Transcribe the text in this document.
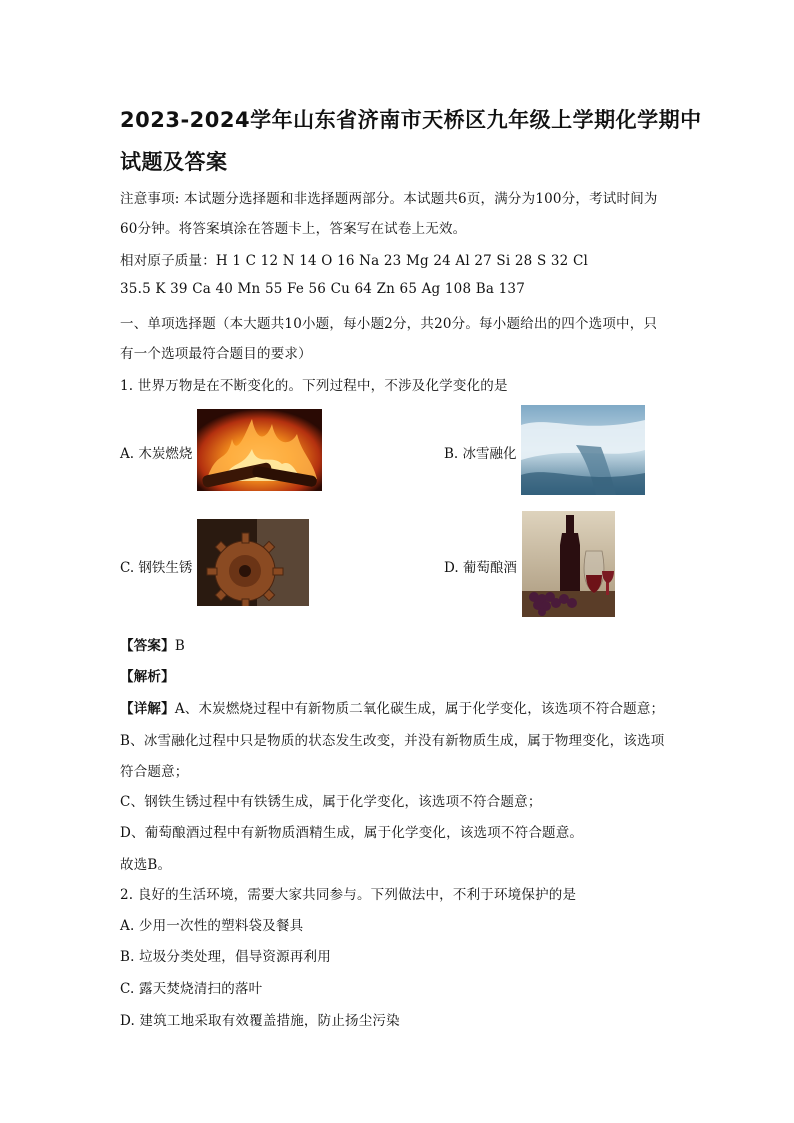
2023-2024学年山东省济南市天桥区九年级上学期化学期中
试题及答案
注意事项: 本试题分选择题和非选择题两部分。本试题共6页，满分为100分，考试时间为
60分钟。将答案填涂在答题卡上，答案写在试卷上无效。
相对原子质量：H 1 C 12 N 14 O 16 Na 23 Mg 24 Al 27 Si 28 S 32 Cl
35.5 K 39 Ca 40 Mn 55 Fe 56 Cu 64 Zn 65 Ag 108 Ba 137
一、单项选择题（本大题共10小题，每小题2分，共20分。每小题给出的四个选项中，只
有一个选项最符合题目的要求）
1. 世界万物是在不断变化的。下列过程中，不涉及化学变化的是
A. 木炭燃烧	B. 冰雪融化
C. 钢铁生锈	D. 葡萄酿酒
【答案】B
【解析】
【详解】A、木炭燃烧过程中有新物质二氧化碳生成，属于化学变化，该选项不符合题意；
B、冰雪融化过程中只是物质的状态发生改变，并没有新物质生成，属于物理变化，该选项
符合题意；
C、钢铁生锈过程中有铁锈生成，属于化学变化，该选项不符合题意；
D、葡萄酿酒过程中有新物质酒精生成，属于化学变化，该选项不符合题意。
故选B。
2. 良好的生活环境，需要大家共同参与。下列做法中，不利于环境保护的是
A. 少用一次性的塑料袋及餐具
B. 垃圾分类处理，倡导资源再利用
C. 露天焚烧清扫的落叶
D. 建筑工地采取有效覆盖措施，防止扬尘污染
